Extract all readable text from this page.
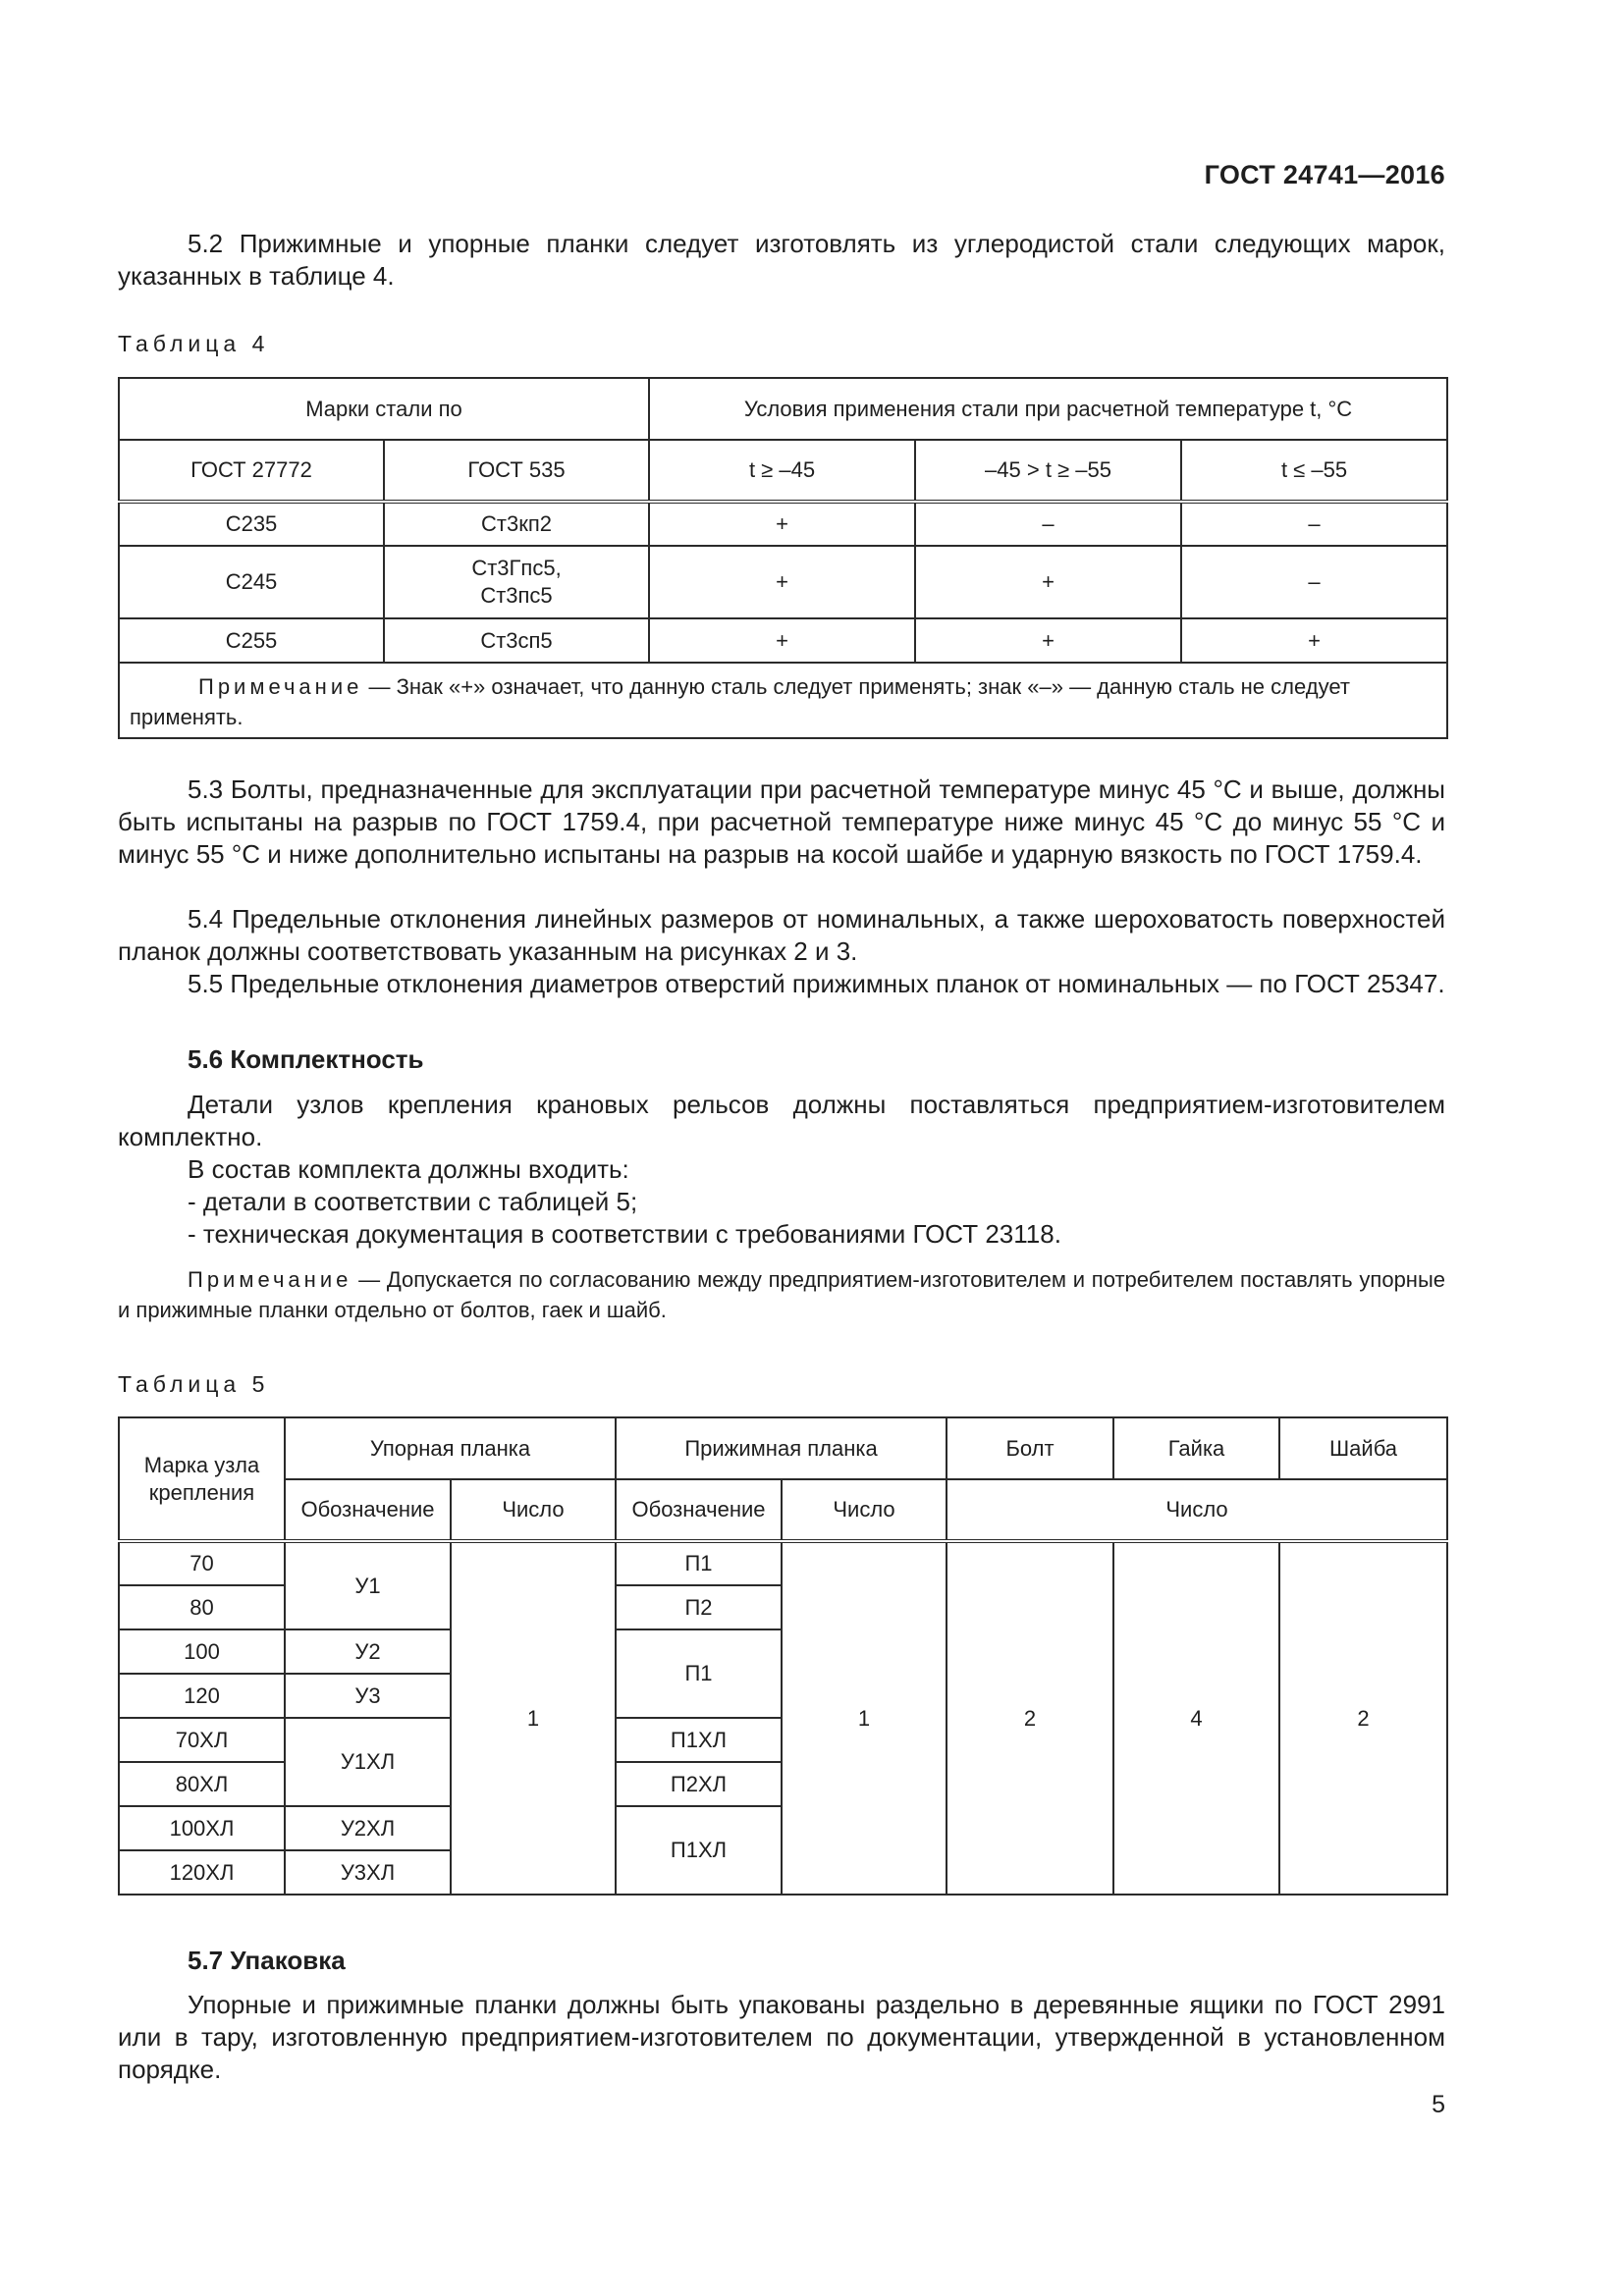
ГОСТ 24741—2016
5.2 Прижимные и упорные планки следует изготовлять из углеродистой стали следующих марок, указанных в таблице 4.
Таблица 4
Марки стали по		Условия применения стали при расчетной температуре t, °C		
ГОСТ 27772	ГОСТ 535	t ≥ –45	–45 > t ≥ –55	t ≤ –55
С235	Ст3кп2	+	–	–
С245	Ст3Гпс5, Ст3пс5	+	+	–
С255	Ст3сп5	+	+	+
Примечание — Знак «+» означает, что данную сталь следует применять; знак «–» — данную сталь не следует применять.				
5.3 Болты, предназначенные для эксплуатации при расчетной температуре минус 45 °С и выше, должны быть испытаны на разрыв по ГОСТ 1759.4, при расчетной температуре ниже минус 45 °С до минус 55 °С и минус 55 °С и ниже дополнительно испытаны на разрыв на косой шайбе и ударную вязкость по ГОСТ 1759.4.
5.4 Предельные отклонения линейных размеров от номинальных, а также шероховатость поверхностей планок должны соответствовать указанным на рисунках 2 и 3.
5.5 Предельные отклонения диаметров отверстий прижимных планок от номинальных — по ГОСТ 25347.
5.6 Комплектность
Детали узлов крепления крановых рельсов должны поставляться предприятием-изготовителем комплектно.
В состав комплекта должны входить:
- детали в соответствии с таблицей 5;
- техническая документация в соответствии с требованиями ГОСТ 23118.
Примечание — Допускается по согласованию между предприятием-изготовителем и потребителем поставлять упорные и прижимные планки отдельно от болтов, гаек и шайб.
Таблица 5
Марка узла крепления	Упорная планка		Прижимная планка		Болт	Гайка	Шайба
	Обозначение	Число	Обозначение	Число	Число		
70	У1	1	П1	1	2	4	2
80			П2				
100	У2		П1				
120	У3						
70ХЛ	У1ХЛ		П1ХЛ				
80ХЛ			П2ХЛ				
100ХЛ	У2ХЛ		П1ХЛ				
120ХЛ	У3ХЛ						
5.7 Упаковка
Упорные и прижимные планки должны быть упакованы раздельно в деревянные ящики по ГОСТ 2991 или в тару, изготовленную предприятием-изготовителем по документации, утвержденной в установленном порядке.
5
